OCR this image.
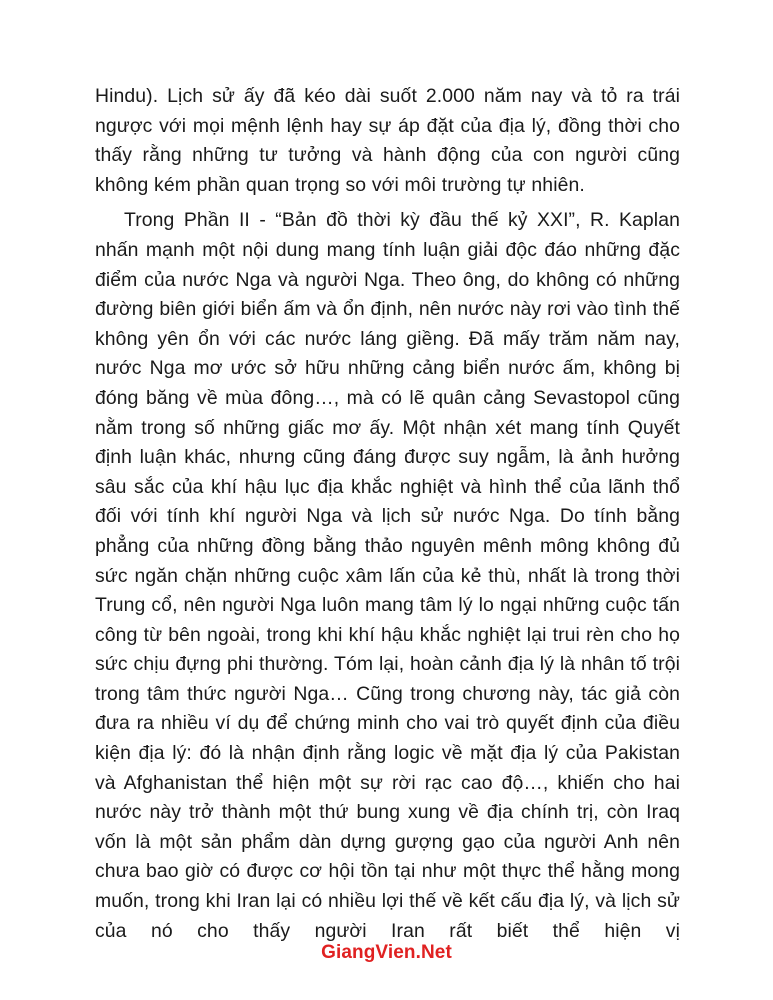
Hindu). Lịch sử ấy đã kéo dài suốt 2.000 năm nay và tỏ ra trái ngược với mọi mệnh lệnh hay sự áp đặt của địa lý, đồng thời cho thấy rằng những tư tưởng và hành động của con người cũng không kém phần quan trọng so với môi trường tự nhiên.

Trong Phần II - “Bản đồ thời kỳ đầu thế kỷ XXI”, R. Kaplan nhấn mạnh một nội dung mang tính luận giải độc đáo những đặc điểm của nước Nga và người Nga. Theo ông, do không có những đường biên giới biển ấm và ổn định, nên nước này rơi vào tình thế không yên ổn với các nước láng giềng. Đã mấy trăm năm nay, nước Nga mơ ước sở hữu những cảng biển nước ấm, không bị đóng băng về mùa đông…, mà có lẽ quân cảng Sevastopol cũng nằm trong số những giấc mơ ấy. Một nhận xét mang tính Quyết định luận khác, nhưng cũng đáng được suy ngẫm, là ảnh hưởng sâu sắc của khí hậu lục địa khắc nghiệt và hình thể của lãnh thổ đối với tính khí người Nga và lịch sử nước Nga. Do tính bằng phẳng của những đồng bằng thảo nguyên mênh mông không đủ sức ngăn chặn những cuộc xâm lấn của kẻ thù, nhất là trong thời Trung cổ, nên người Nga luôn mang tâm lý lo ngại những cuộc tấn công từ bên ngoài, trong khi khí hậu khắc nghiệt lại trui rèn cho họ sức chịu đựng phi thường. Tóm lại, hoàn cảnh địa lý là nhân tố trội trong tâm thức người Nga… Cũng trong chương này, tác giả còn đưa ra nhiều ví dụ để chứng minh cho vai trò quyết định của điều kiện địa lý: đó là nhận định rằng logic về mặt địa lý của Pakistan và Afghanistan thể hiện một sự rời rạc cao độ…, khiến cho hai nước này trở thành một thứ bung xung về địa chính trị, còn Iraq vốn là một sản phẩm dàn dựng gượng gạo của người Anh nên chưa bao giờ có được cơ hội tồn tại như một thực thể hằng mong muốn, trong khi Iran lại có nhiều lợi thế về kết cấu địa lý, và lịch sử của nó cho thấy người Iran rất biết thể hiện vị

GiangVien.Net
